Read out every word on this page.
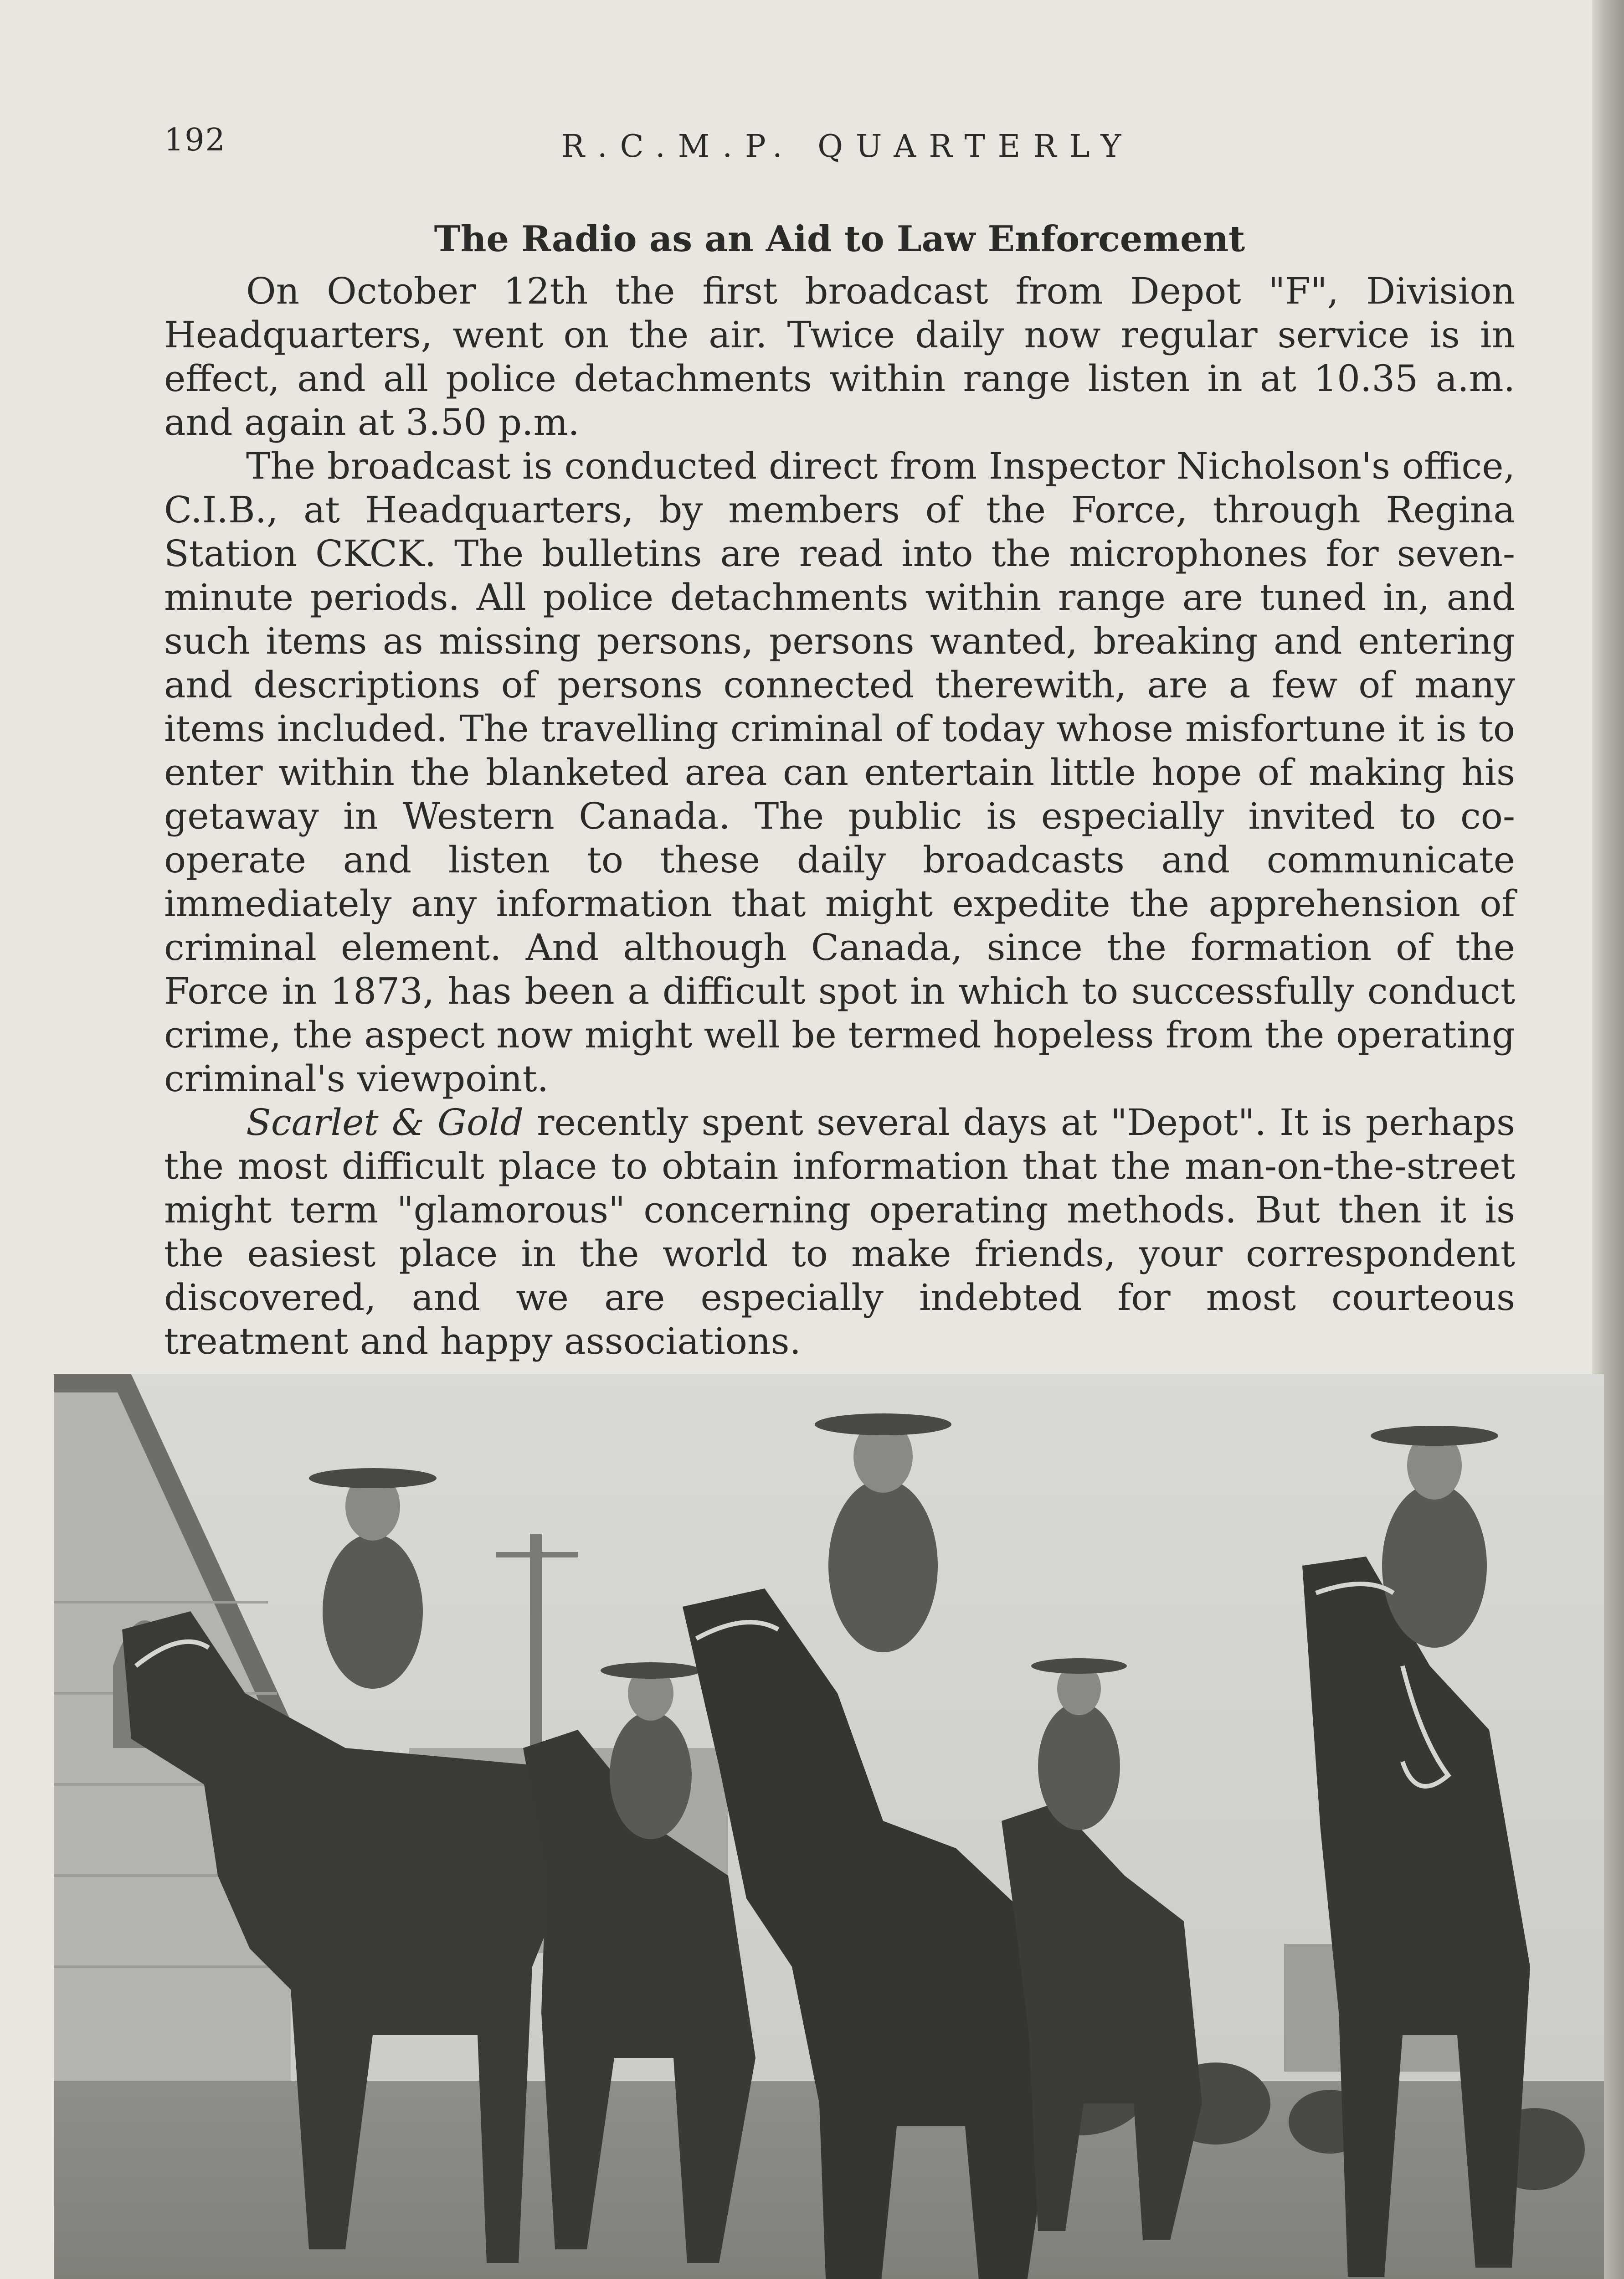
192	R.C.M.P. QUARTERLY
The Radio as an Aid to Law Enforcement

On October 12th the first broadcast from Depot "F", Division Headquarters, went on the air. Twice daily now regular service is in effect, and all police detachments within range listen in at 10.35 a.m. and again at 3.50 p.m.

The broadcast is conducted direct from Inspector Nicholson's office, C.I.B., at Headquarters, by members of the Force, through Regina Station CKCK. The bulletins are read into the microphones for seven-minute periods. All police detachments within range are tuned in, and such items as missing persons, persons wanted, breaking and entering and descriptions of persons connected therewith, are a few of many items included. The travelling criminal of today whose misfortune it is to enter within the blanketed area can entertain little hope of making his getaway in Western Canada. The public is especially invited to co-operate and listen to these daily broadcasts and communicate immediately any information that might expedite the apprehension of criminal element. And although Canada, since the formation of the Force in 1873, has been a difficult spot in which to successfully conduct crime, the aspect now might well be termed hopeless from the operating criminal's viewpoint.

Scarlet & Gold recently spent several days at "Depot". It is perhaps the most difficult place to obtain information that the man-on-the-street might term "glamorous" concerning operating methods. But then it is the easiest place in the world to make friends, your correspondent discovered, and we are especially indebted for most courteous treatment and happy associations.
